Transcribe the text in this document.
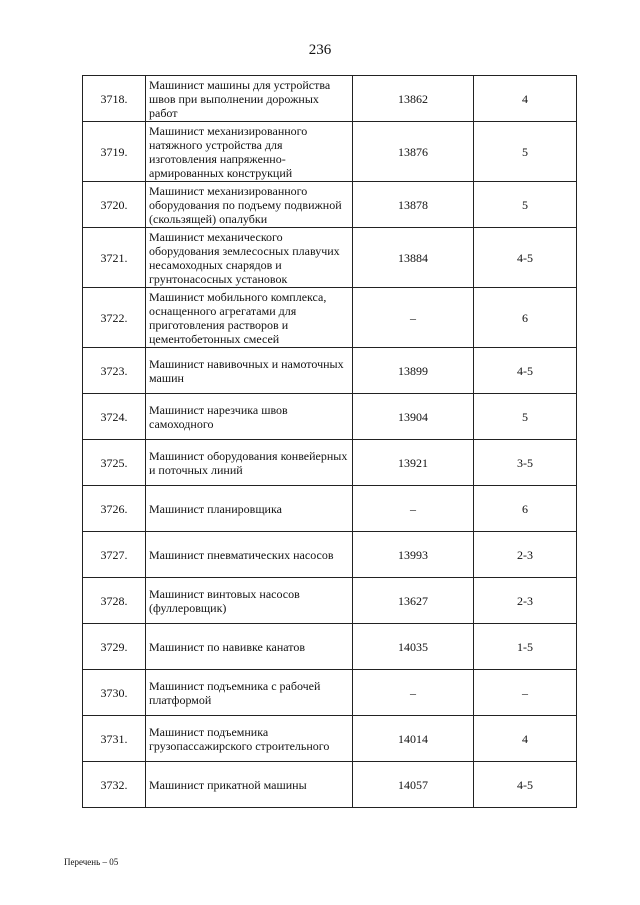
236
3718.	Машинист машины для устройства швов при выполнении дорожных работ	13862	4
3719.	Машинист механизированного натяжного устройства для изготовления напряженно-армированных конструкций	13876	5
3720.	Машинист механизированного оборудования по подъему подвижной (скользящей) опалубки	13878	5
3721.	Машинист механического оборудования землесосных плавучих несамоходных снарядов и грунтонасосных установок	13884	4-5
3722.	Машинист мобильного комплекса, оснащенного агрегатами для приготовления растворов и цементобетонных смесей	–	6
3723.	Машинист навивочных и намоточных машин	13899	4-5
3724.	Машинист нарезчика швов самоходного	13904	5
3725.	Машинист оборудования конвейерных и поточных линий	13921	3-5
3726.	Машинист планировщика	–	6
3727.	Машинист пневматических насосов	13993	2-3
3728.	Машинист винтовых насосов (фуллеровщик)	13627	2-3
3729.	Машинист по навивке канатов	14035	1-5
3730.	Машинист подъемника с рабочей платформой	–	–
3731.	Машинист подъемника грузопассажирского строительного	14014	4
3732.	Машинист прикатной машины	14057	4-5
Перечень – 05
